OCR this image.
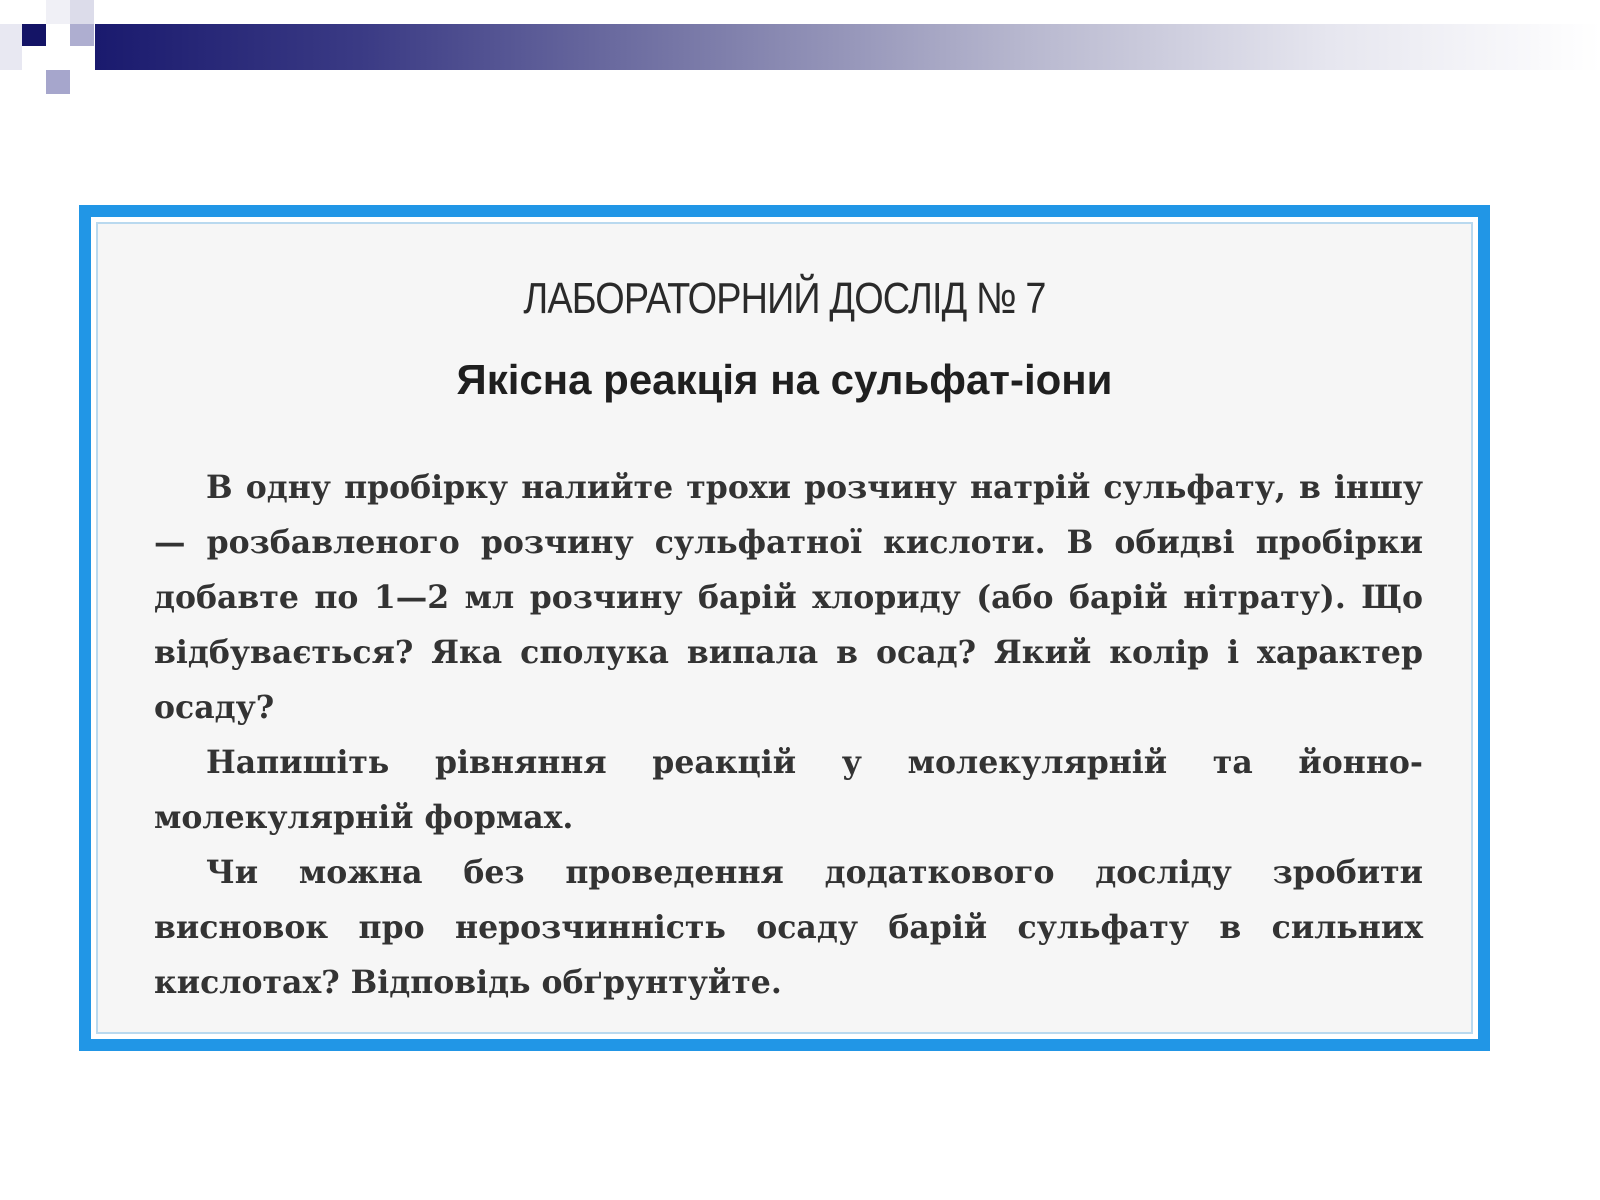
ЛАБОРАТОРНИЙ ДОСЛІД № 7
Якісна реакція на сульфат-іони

В одну пробірку налийте трохи розчину натрій сульфату, в іншу — розбавленого розчину сульфатної кислоти. В обидві пробірки добавте по 1—2 мл розчину барій хлориду (або барій нітрату). Що відбувається? Яка сполука випала в осад? Який колір і характер осаду?

Напишіть рівняння реакцій у молекулярній та йонно-молекулярній формах.

Чи можна без проведення додаткового досліду зробити висновок про нерозчинність осаду барій сульфату в сильних кислотах? Відповідь обґрунтуйте.
